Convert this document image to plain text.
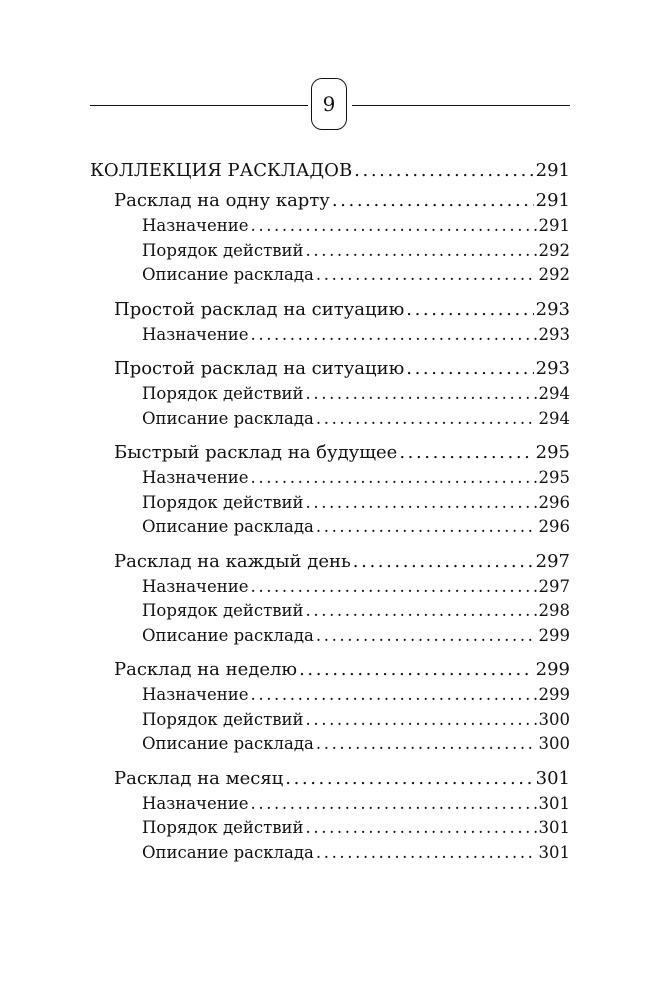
9
КОЛЛЕКЦИЯ РАСКЛАДОВ .....	291
Расклад на одну карту .....	291
Назначение .....	291
Порядок действий .....	292
Описание расклада .....	292
Простой расклад на ситуацию .....	293
Назначение .....	293
Простой расклад на ситуацию .....	293
Порядок действий .....	294
Описание расклада .....	294
Быстрый расклад на будущее .....	295
Назначение .....	295
Порядок действий .....	296
Описание расклада .....	296
Расклад на каждый день .....	297
Назначение .....	297
Порядок действий .....	298
Описание расклада .....	299
Расклад на неделю .....	299
Назначение .....	299
Порядок действий .....	300
Описание расклада .....	300
Расклад на месяц .....	301
Назначение .....	301
Порядок действий .....	301
Описание расклада .....	301
